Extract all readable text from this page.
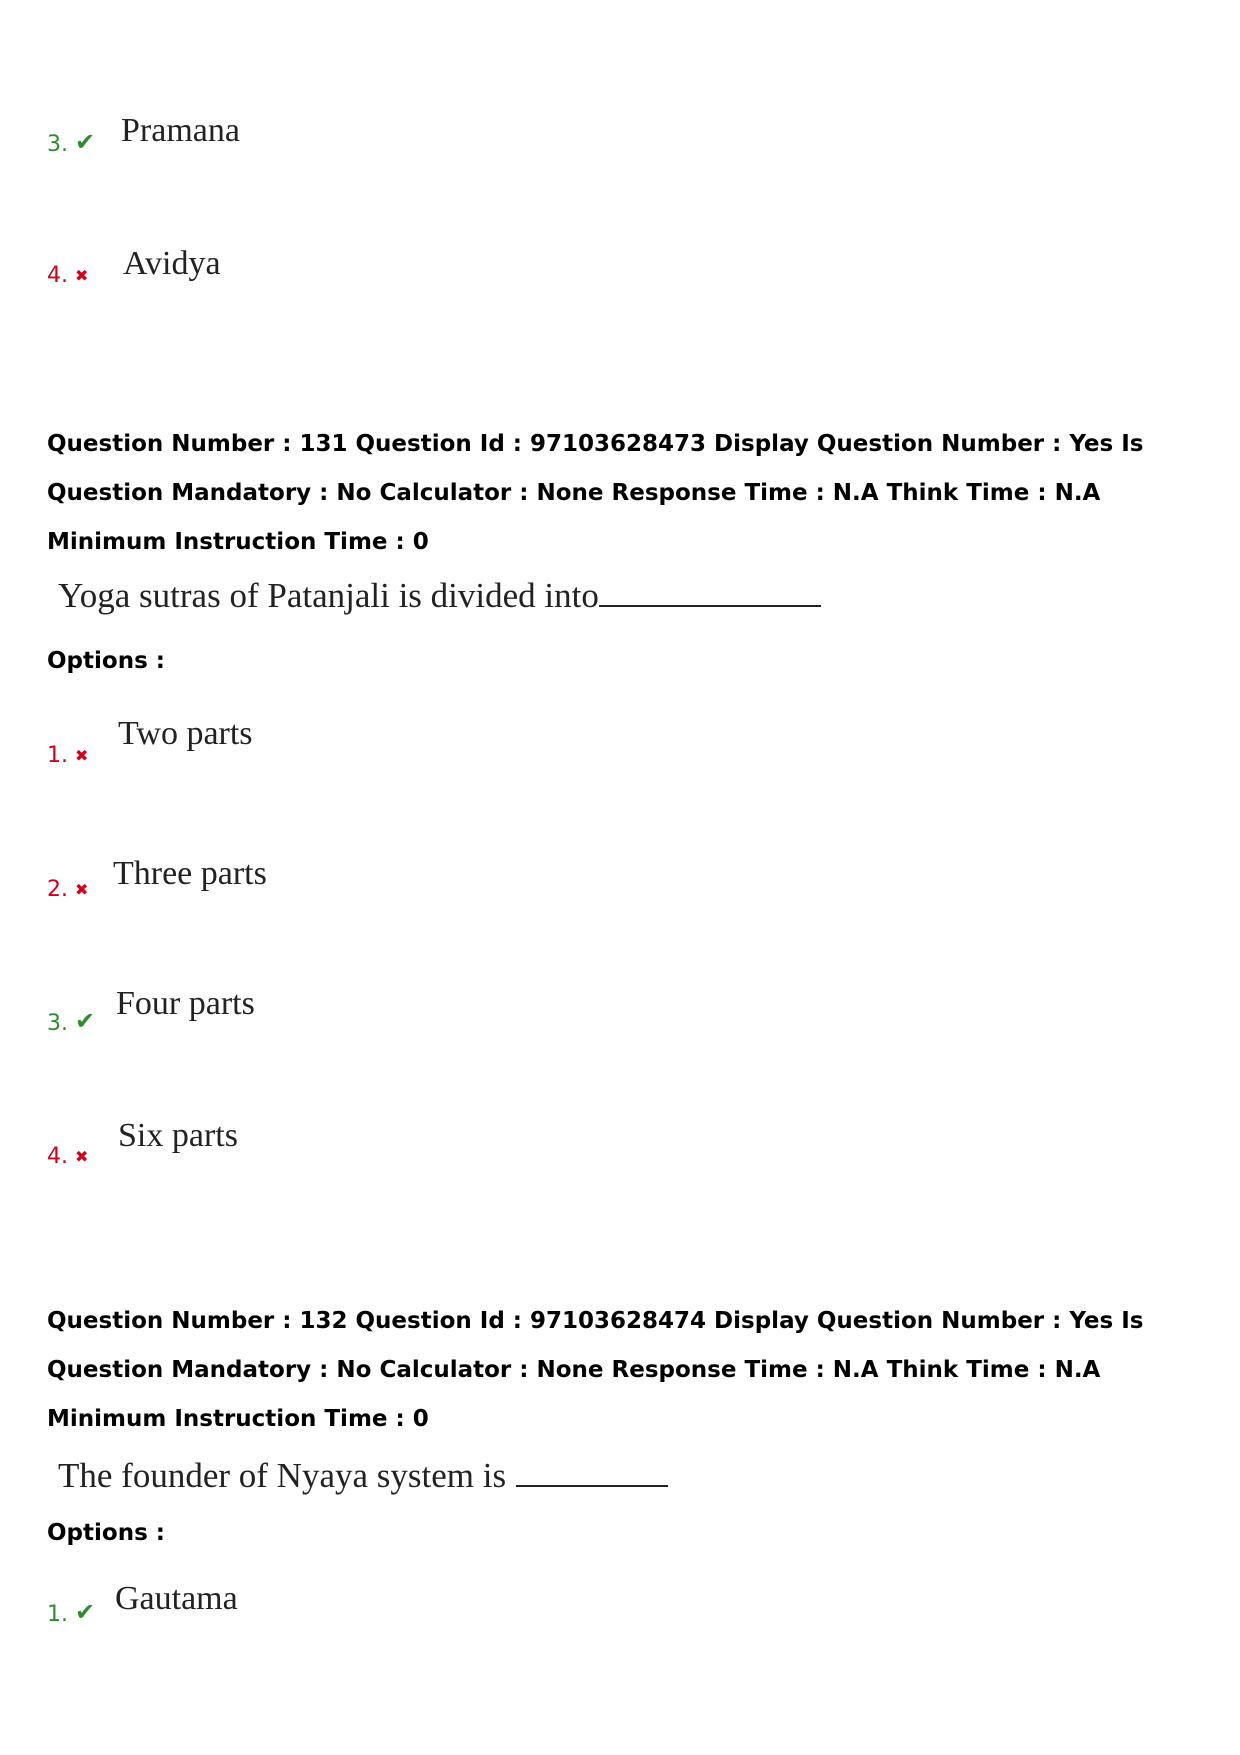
3. ✔ Pramana
4. ✖ Avidya
Question Number : 131 Question Id : 97103628473 Display Question Number : Yes Is Question Mandatory : No Calculator : None Response Time : N.A Think Time : N.A Minimum Instruction Time : 0
Yoga sutras of Patanjali is divided into
Options :
1. ✖
Two parts
2. ✖ Three parts
3. ✔ Four parts
4. ✖
Six parts
Question Number : 132 Question Id : 97103628474 Display Question Number : Yes Is Question Mandatory : No Calculator : None Response Time : N.A Think Time : N.A Minimum Instruction Time : 0
The founder of Nyaya system is
Options :
1. ✔ Gautama
